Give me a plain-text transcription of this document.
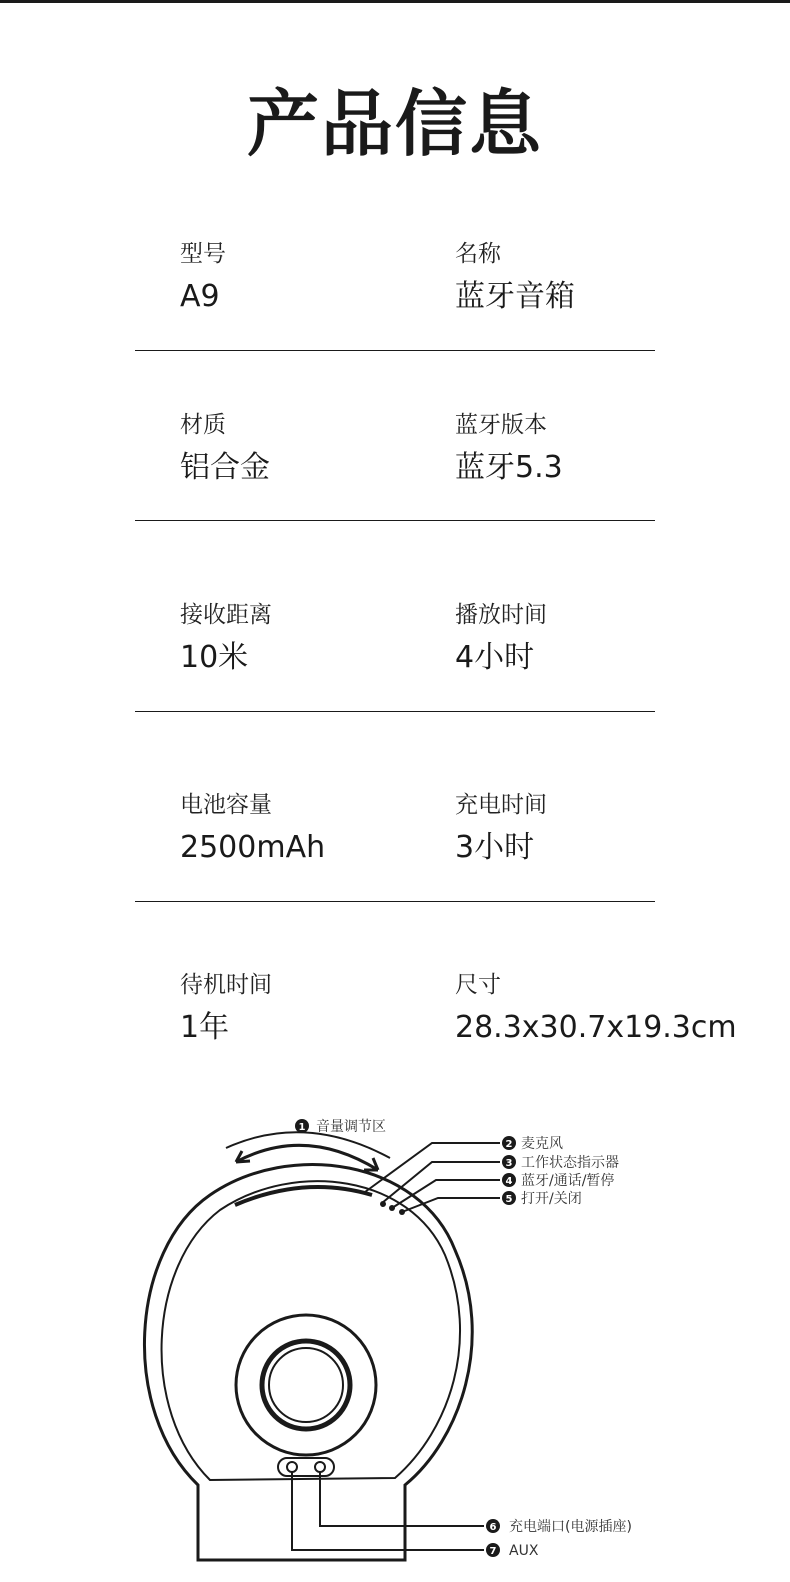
产品信息
型号
A9
名称
蓝牙音箱
材质
铝合金
蓝牙版本
蓝牙5.3
接收距离
10米
播放时间
4小时
电池容量
2500mAh
充电时间
3小时
待机时间
1年
尺寸
28.3x30.7x19.3cm
1 音量调节区
2 麦克风
3 工作状态指示器
4 蓝牙/通话/暂停
5 打开/关闭
6 充电端口(电源插座)
7 AUX
